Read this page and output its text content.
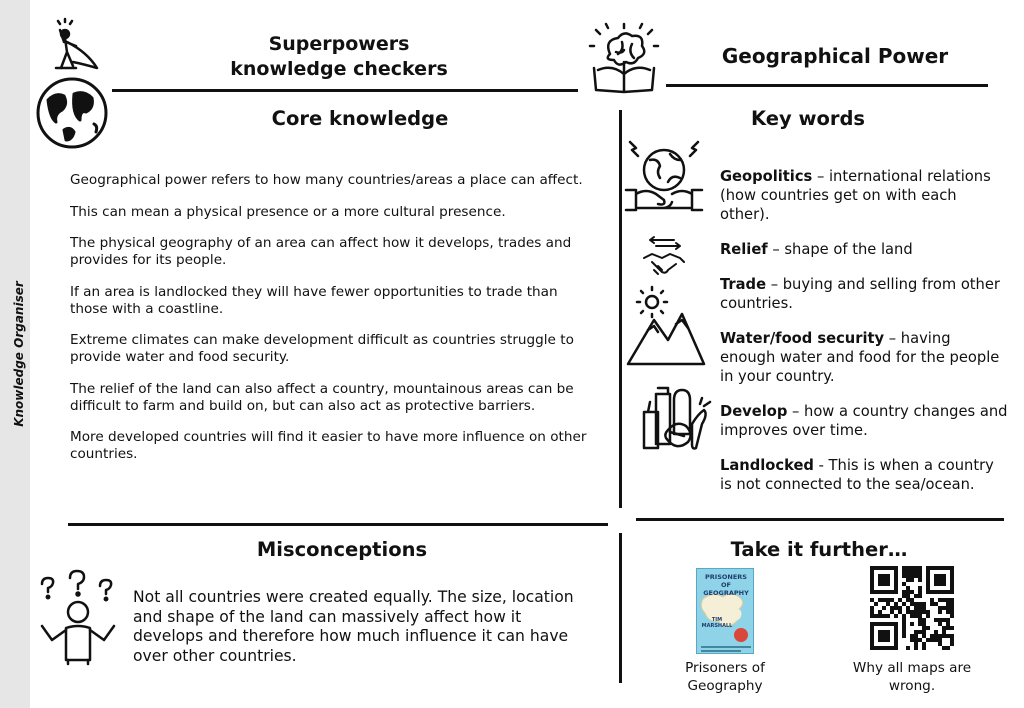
Knowledge Organiser
Superpowers
knowledge checkers
Geographical Power
Core knowledge

Geographical power refers to how many countries/areas a place can affect.

This can mean a physical presence or a more cultural presence.

The physical geography of an area can affect how it develops, trades and provides for its people.

If an area is landlocked they will have fewer opportunities to trade than those with a coastline.

Extreme climates can make development difficult as countries struggle to provide water and food security.

The relief of the land can also affect a country, mountainous areas can be difficult to farm and build on, but can also act as protective barriers.

More developed countries will find it easier to have more influence on other countries.

Key words

Geopolitics – international relations (how countries get on with each other).

Relief – shape of the land

Trade – buying and selling from other countries.

Water/food security – having enough water and food for the people in your country.

Develop – how a country changes and improves over time.

Landlocked - This is when a country is not connected to the sea/ocean.

Misconceptions
Not all countries were created equally. The size, location and shape of the land can massively affect how it develops and therefore how much influence it can have over other countries.
Take it further…
PRISONERS OF GEOGRAPHY
TIM MARSHALL
Prisoners of
Geography
Why all maps are
wrong.
